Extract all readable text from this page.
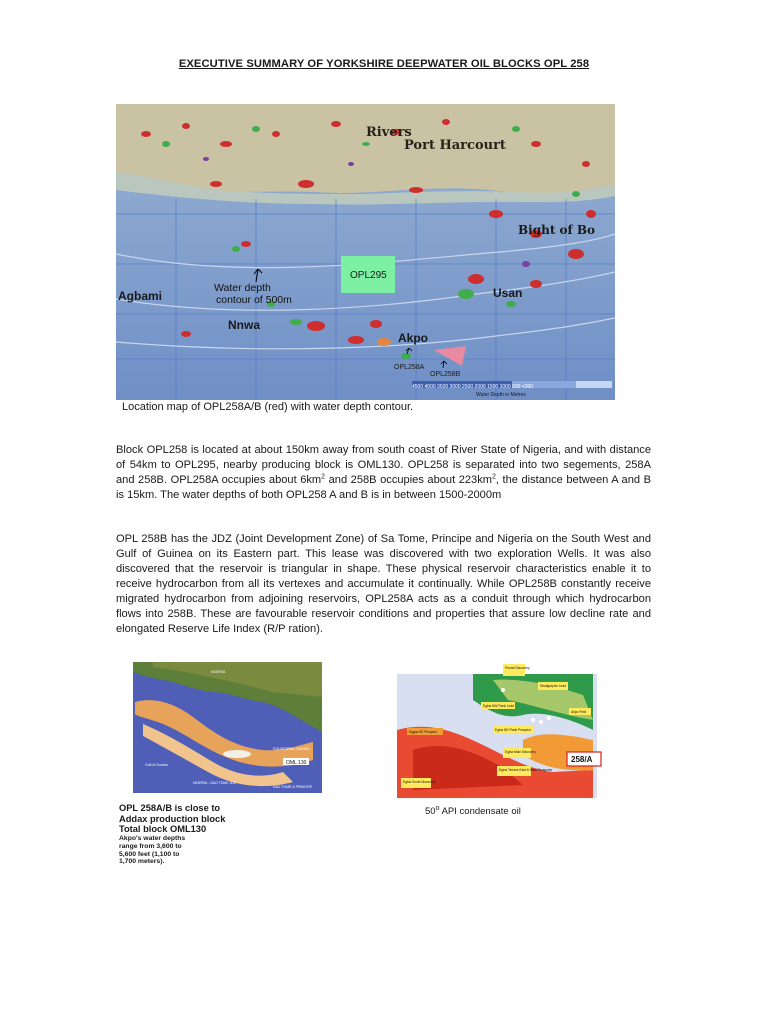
EXECUTIVE SUMMARY OF YORKSHIRE DEEPWATER OIL BLOCKS OPL 258
Rivers
Port Harcourt
Bight of Bo
OPL295
Water depth
contour of 500m
Agbami	Usan
Nnwa
Akpo
OPL258A
OPL258B
4500 4000 3500 3000 2500 2000 1500 1000 500 <200
Water Depth in Metres
Location map of OPL258A/B (red) with water depth contour.

Block OPL258 is located at about 150km away from south coast of River State of Nigeria, and with distance of 54km to OPL295, nearby producing block is OML130. OPL258 is separated into two segements, 258A and 258B. OPL258A occupies about $6km^2$ and 258B occupies about $223km^2$, the distance between A and B is 15km. The water depths of both OPL258 A and B is in between 1500-2000m

OPL 258B has the JDZ (Joint Development Zone) of Sa Tome, Principe and Nigeria on the South West and Gulf of Guinea on its Eastern part. This lease was discovered with two exploration Wells. It was also discovered that the reservoir is triangular in shape. These physical reservoir characteristics enable it to receive hydrocarbon from all its vertexes and accumulate it continually. While OPL258B constantly receive migrated hydrocarbon from adjoining reservoirs, OPL258A acts as a conduit through which hydrocarbon flows into 258B. These are favourable reservoir conditions and properties that assure low decline rate and elongated Reserve Life Index (R/P ration).

OML 130
NIGERIA
Gulf of Guinea
NIGERIA - SAO TOME JDZ
EQUATORIAL GUINEA
SAO TOME & PRINCIPE
OPL 258A/B is close to
Addax production block
Total block OML130
Akpo's water depths
range from 3,600 to
5,600 feet (1,100 to
1,700 meters).
Preowi Discovery
Stratigraphic Lead
Egina NW Flank Lead
Akpo Field
Eggua SE Prospect	Egina NE Flank Prospect
Egina Main Discovery
Egina South Discovery
Egina Terrace East & West Prospects
258/A
50$^o$ API condensate oil
